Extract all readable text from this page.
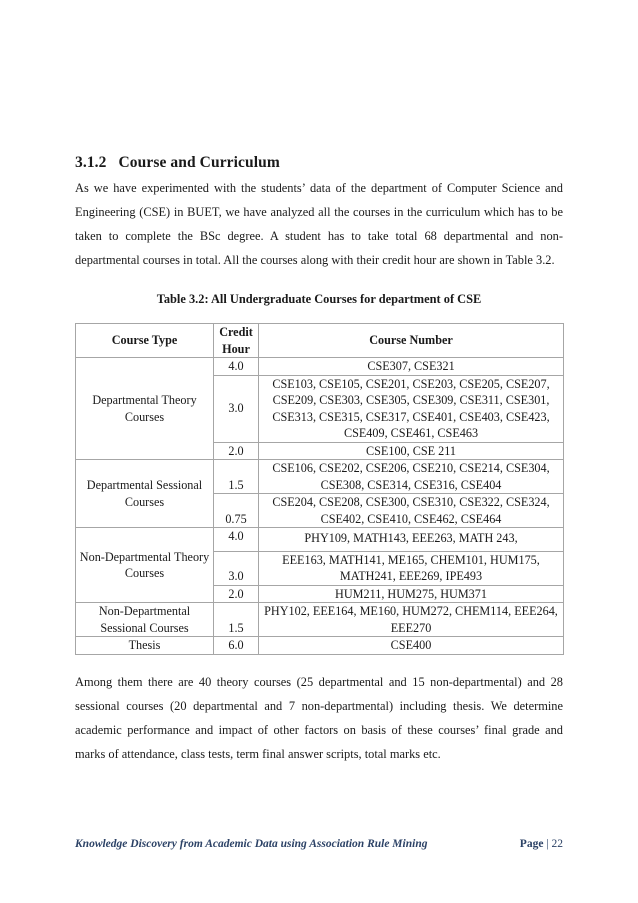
3.1.2 Course and Curriculum
As we have experimented with the students’ data of the department of Computer Science and Engineering (CSE) in BUET, we have analyzed all the courses in the curriculum which has to be taken to complete the BSc degree. A student has to take total 68 departmental and non-departmental courses in total. All the courses along with their credit hour are shown in Table 3.2.
Table 3.2: All Undergraduate Courses for department of CSE
Course Type	Credit Hour	Course Number
Departmental Theory Courses	4.0	CSE307, CSE321
	3.0	CSE103, CSE105, CSE201, CSE203, CSE205, CSE207, CSE209, CSE303, CSE305, CSE309, CSE311, CSE301, CSE313, CSE315, CSE317, CSE401, CSE403, CSE423, CSE409, CSE461, CSE463
	2.0	CSE100, CSE 211
Departmental Sessional Courses	1.5	CSE106, CSE202, CSE206, CSE210, CSE214, CSE304, CSE308, CSE314, CSE316, CSE404
	0.75	CSE204, CSE208, CSE300, CSE310, CSE322, CSE324, CSE402, CSE410, CSE462, CSE464
Non-Departmental Theory Courses	4.0	PHY109, MATH143, EEE263, MATH 243,
	3.0	EEE163, MATH141, ME165, CHEM101, HUM175, MATH241, EEE269, IPE493
	2.0	HUM211, HUM275, HUM371
Non-Departmental Sessional Courses	1.5	PHY102, EEE164, ME160, HUM272, CHEM114, EEE264, EEE270
Thesis	6.0	CSE400
Among them there are 40 theory courses (25 departmental and 15 non-departmental) and 28 sessional courses (20 departmental and 7 non-departmental) including thesis. We determine academic performance and impact of other factors on basis of these courses’ final grade and marks of attendance, class tests, term final answer scripts, total marks etc.
Knowledge Discovery from Academic Data using Association Rule Mining	Page | 22
